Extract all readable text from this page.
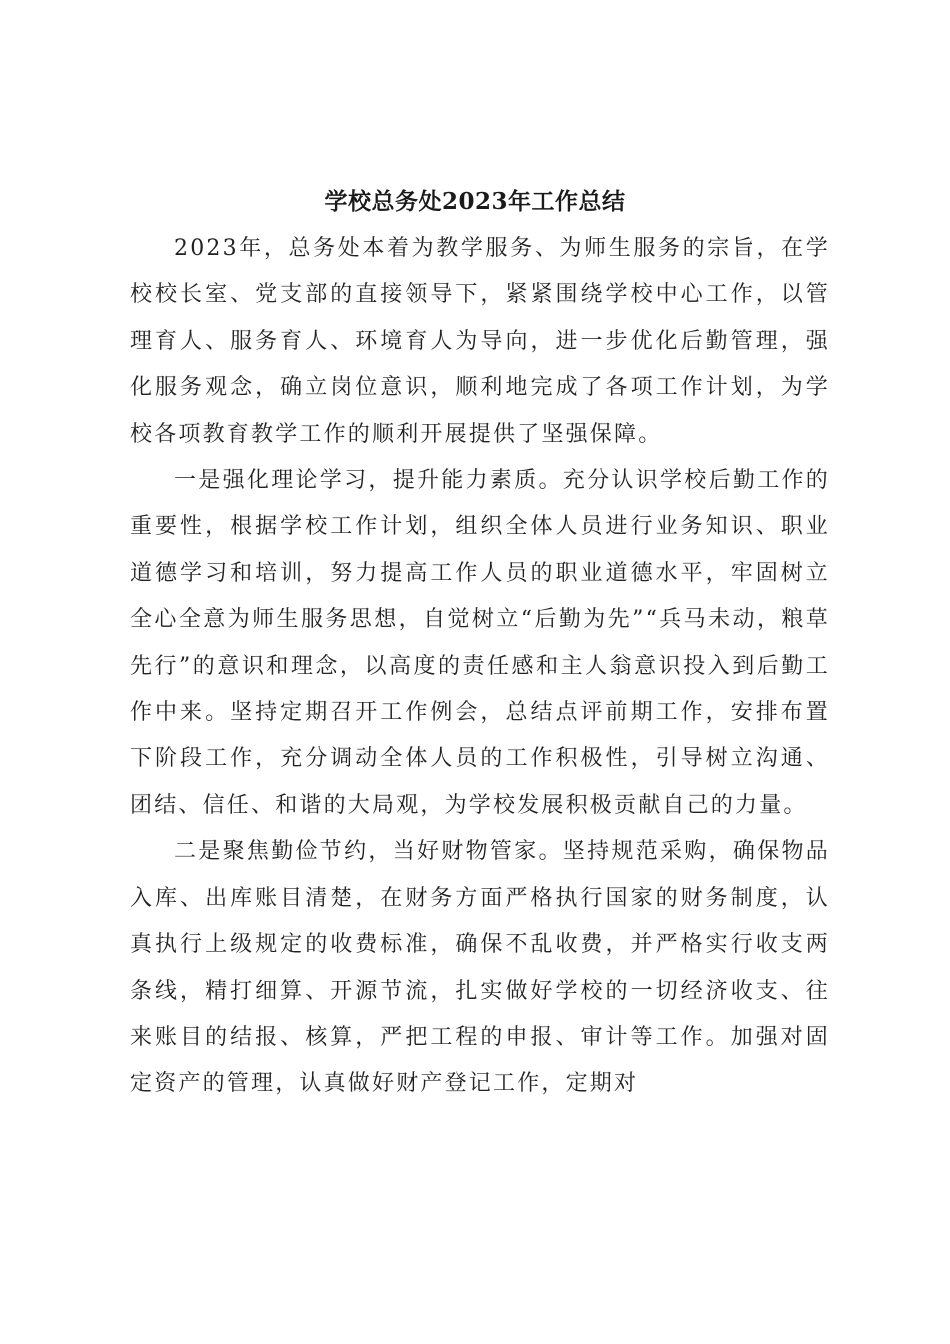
学校总务处2023年工作总结

2023年，总务处本着为教学服务、为师生服务的宗旨，在学校校长室、党支部的直接领导下，紧紧围绕学校中心工作，以管理育人、服务育人、环境育人为导向，进一步优化后勤管理，强化服务观念，确立岗位意识，顺利地完成了各项工作计划，为学校各项教育教学工作的顺利开展提供了坚强保障。

一是强化理论学习，提升能力素质。充分认识学校后勤工作的重要性，根据学校工作计划，组织全体人员进行业务知识、职业道德学习和培训，努力提高工作人员的职业道德水平，牢固树立全心全意为师生服务思想，自觉树立“后勤为先”“兵马未动，粮草先行”的意识和理念，以高度的责任感和主人翁意识投入到后勤工作中来。坚持定期召开工作例会，总结点评前期工作，安排布置下阶段工作，充分调动全体人员的工作积极性，引导树立沟通、团结、信任、和谐的大局观，为学校发展积极贡献自己的力量。

二是聚焦勤俭节约，当好财物管家。坚持规范采购，确保物品入库、出库账目清楚，在财务方面严格执行国家的财务制度，认真执行上级规定的收费标准，确保不乱收费，并严格实行收支两条线，精打细算、开源节流，扎实做好学校的一切经济收支、往来账目的结报、核算，严把工程的申报、审计等工作。加强对固定资产的管理，认真做好财产登记工作，定期对
